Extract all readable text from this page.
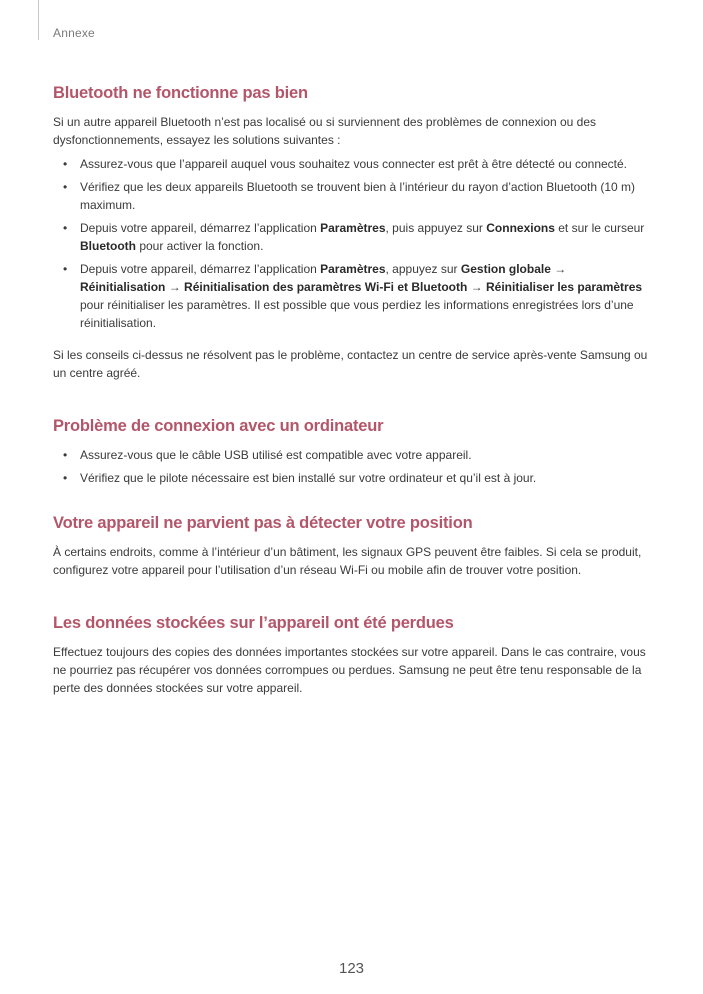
Annexe
Bluetooth ne fonctionne pas bien

Si un autre appareil Bluetooth n’est pas localisé ou si surviennent des problèmes de connexion ou des dysfonctionnements, essayez les solutions suivantes :

• Assurez-vous que l’appareil auquel vous souhaitez vous connecter est prêt à être détecté ou connecté.
• Vérifiez que les deux appareils Bluetooth se trouvent bien à l’intérieur du rayon d’action Bluetooth (10 m) maximum.
• Depuis votre appareil, démarrez l’application Paramètres, puis appuyez sur Connexions et sur le curseur Bluetooth pour activer la fonction.
• Depuis votre appareil, démarrez l’application Paramètres, appuyez sur Gestion globale → Réinitialisation → Réinitialisation des paramètres Wi-Fi et Bluetooth → Réinitialiser les paramètres pour réinitialiser les paramètres. Il est possible que vous perdiez les informations enregistrées lors d’une réinitialisation.

Si les conseils ci-dessus ne résolvent pas le problème, contactez un centre de service après-vente Samsung ou un centre agréé.

Problème de connexion avec un ordinateur
• Assurez-vous que le câble USB utilisé est compatible avec votre appareil.
• Vérifiez que le pilote nécessaire est bien installé sur votre ordinateur et qu’il est à jour.
Votre appareil ne parvient pas à détecter votre position

À certains endroits, comme à l’intérieur d’un bâtiment, les signaux GPS peuvent être faibles. Si cela se produit, configurez votre appareil pour l’utilisation d’un réseau Wi-Fi ou mobile afin de trouver votre position.

Les données stockées sur l’appareil ont été perdues

Effectuez toujours des copies des données importantes stockées sur votre appareil. Dans le cas contraire, vous ne pourriez pas récupérer vos données corrompues ou perdues. Samsung ne peut être tenu responsable de la perte des données stockées sur votre appareil.

123
